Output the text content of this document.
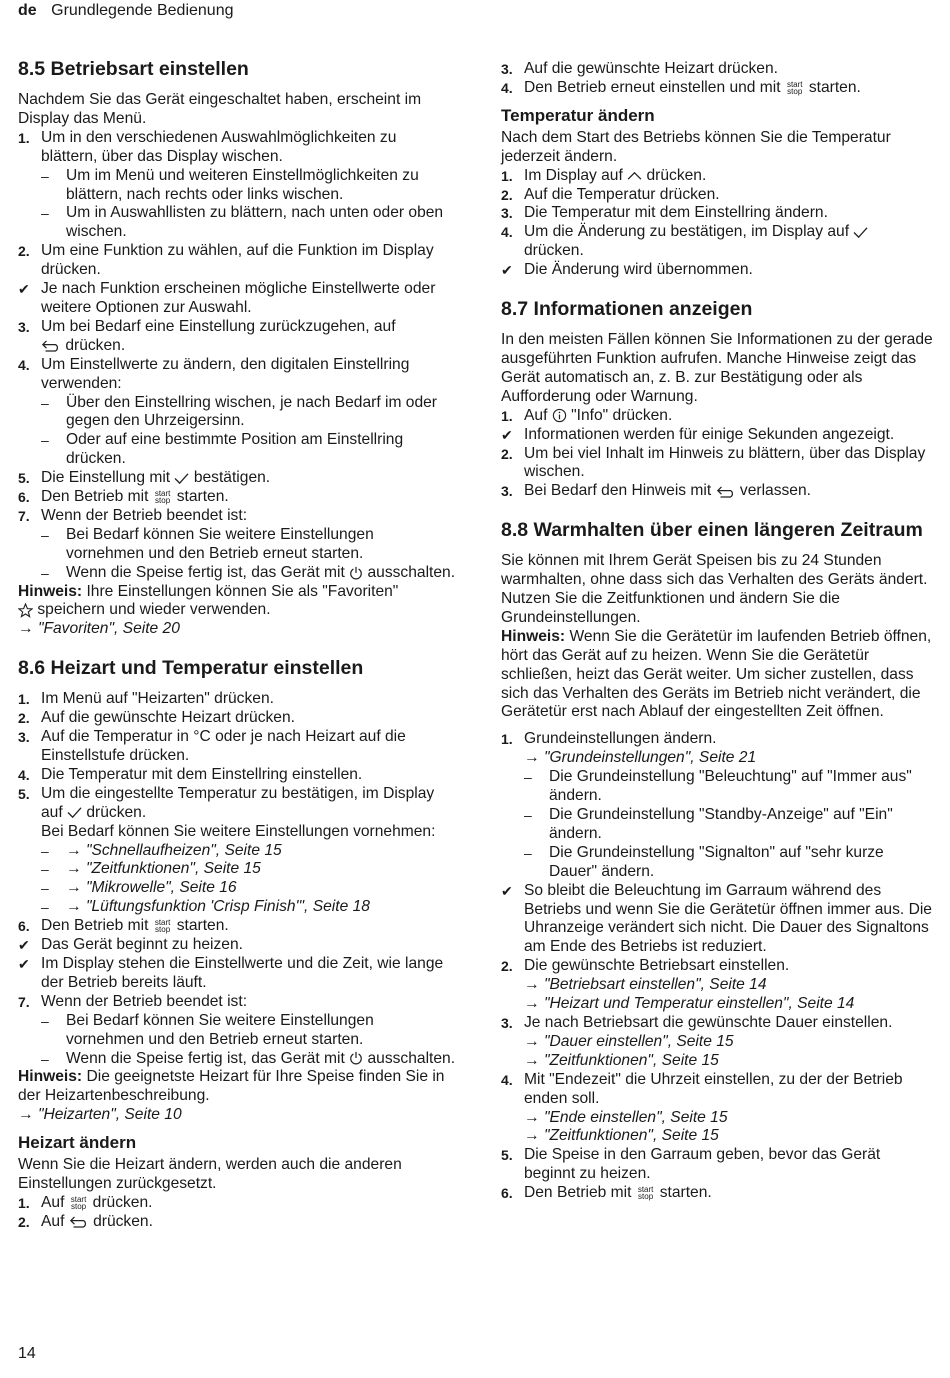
de Grundlegende Bedienung
8.5 Betriebsart einstellen

Nachdem Sie das Gerät eingeschaltet haben, erscheint im Display das Menü.

1. Um in den verschiedenen Auswahlmöglichkeiten zu blättern, über das Display wischen.
– Um im Menü und weiteren Einstellmöglichkeiten zu blättern, nach rechts oder links wischen.
– Um in Auswahllisten zu blättern, nach unten oder oben wischen.
2. Um eine Funktion zu wählen, auf die Funktion im Display drücken.
✔ Je nach Funktion erscheinen mögliche Einstellwerte oder weitere Optionen zur Auswahl.
3. Um bei Bedarf eine Einstellung zurückzugehen, auf
drücken.
4. Um Einstellwerte zu ändern, den digitalen Einstellring verwenden:
– Über den Einstellring wischen, je nach Bedarf im oder gegen den Uhrzeigersinn.
– Oder auf eine bestimmte Position am Einstellring drücken.
5. Die Einstellung mit bestätigen.
6. Den Betrieb mit start
stop starten.
7. Wenn der Betrieb beendet ist:
– Bei Bedarf können Sie weitere Einstellungen vornehmen und den Betrieb erneut starten.
– Wenn die Speise fertig ist, das Gerät mit ausschalten.

Hinweis: Ihre Einstellungen können Sie als "Favoriten"
speichern und wieder verwenden.

→ "Favoriten", Seite 20

8.6 Heizart und Temperatur einstellen
1. Im Menü auf "Heizarten" drücken.
2. Auf die gewünschte Heizart drücken.
3. Auf die Temperatur in °C oder je nach Heizart auf die Einstellstufe drücken.
4. Die Temperatur mit dem Einstellring einstellen.
5. Um die eingestellte Temperatur zu bestätigen, im Display auf drücken.
Bei Bedarf können Sie weitere Einstellungen vornehmen:
– → "Schnellaufheizen", Seite 15
– → "Zeitfunktionen", Seite 15
– → "Mikrowelle", Seite 16
– → "Lüftungsfunktion 'Crisp Finish'", Seite 18
6. Den Betrieb mit start
stop starten.
✔ Das Gerät beginnt zu heizen.
✔ Im Display stehen die Einstellwerte und die Zeit, wie lange der Betrieb bereits läuft.
7. Wenn der Betrieb beendet ist:
– Bei Bedarf können Sie weitere Einstellungen vornehmen und den Betrieb erneut starten.
– Wenn die Speise fertig ist, das Gerät mit ausschalten.

Hinweis: Die geeignetste Heizart für Ihre Speise finden Sie in der Heizartenbeschreibung.

→ "Heizarten", Seite 10

Heizart ändern

Wenn Sie die Heizart ändern, werden auch die anderen Einstellungen zurückgesetzt.

1. Auf start
stop drücken.
2. Auf drücken.
3. Auf die gewünschte Heizart drücken.
4. Den Betrieb erneut einstellen und mit start
stop starten.
Temperatur ändern

Nach dem Start des Betriebs können Sie die Temperatur jederzeit ändern.

1. Im Display auf drücken.
2. Auf die Temperatur drücken.
3. Die Temperatur mit dem Einstellring ändern.
4. Um die Änderung zu bestätigen, im Display auf
drücken.
✔ Die Änderung wird übernommen.
8.7 Informationen anzeigen

In den meisten Fällen können Sie Informationen zu der gerade ausgeführten Funktion aufrufen. Manche Hinweise zeigt das Gerät automatisch an, z. B. zur Bestätigung oder als Aufforderung oder Warnung.

1. Auf "Info" drücken.
✔ Informationen werden für einige Sekunden angezeigt.
2. Um bei viel Inhalt im Hinweis zu blättern, über das Display wischen.
3. Bei Bedarf den Hinweis mit verlassen.
8.8 Warmhalten über einen längeren Zeitraum

Sie können mit Ihrem Gerät Speisen bis zu 24 Stunden warmhalten, ohne dass sich das Verhalten des Geräts ändert. Nutzen Sie die Zeitfunktionen und ändern Sie die Grundeinstellungen.

Hinweis: Wenn Sie die Gerätetür im laufenden Betrieb öffnen, hört das Gerät auf zu heizen. Wenn Sie die Gerätetür schließen, heizt das Gerät weiter. Um sicher zustellen, dass sich das Verhalten des Geräts im Betrieb nicht verändert, die Gerätetür erst nach Ablauf der eingestellten Zeit öffnen.

1. Grundeinstellungen ändern.
→ "Grundeinstellungen", Seite 21
– Die Grundeinstellung "Beleuchtung" auf "Immer aus" ändern.
– Die Grundeinstellung "Standby-Anzeige" auf "Ein" ändern.
– Die Grundeinstellung "Signalton" auf "sehr kurze Dauer" ändern.
✔ So bleibt die Beleuchtung im Garraum während des Betriebs und wenn Sie die Gerätetür öffnen immer aus. Die Uhranzeige verändert sich nicht. Die Dauer des Signaltons am Ende des Betriebs ist reduziert.
2. Die gewünschte Betriebsart einstellen.
→ "Betriebsart einstellen", Seite 14
→ "Heizart und Temperatur einstellen", Seite 14
3. Je nach Betriebsart die gewünschte Dauer einstellen.
→ "Dauer einstellen", Seite 15
→ "Zeitfunktionen", Seite 15
4. Mit "Endezeit" die Uhrzeit einstellen, zu der der Betrieb enden soll.
→ "Ende einstellen", Seite 15
→ "Zeitfunktionen", Seite 15
5. Die Speise in den Garraum geben, bevor das Gerät beginnt zu heizen.
6. Den Betrieb mit start
stop starten.
14
